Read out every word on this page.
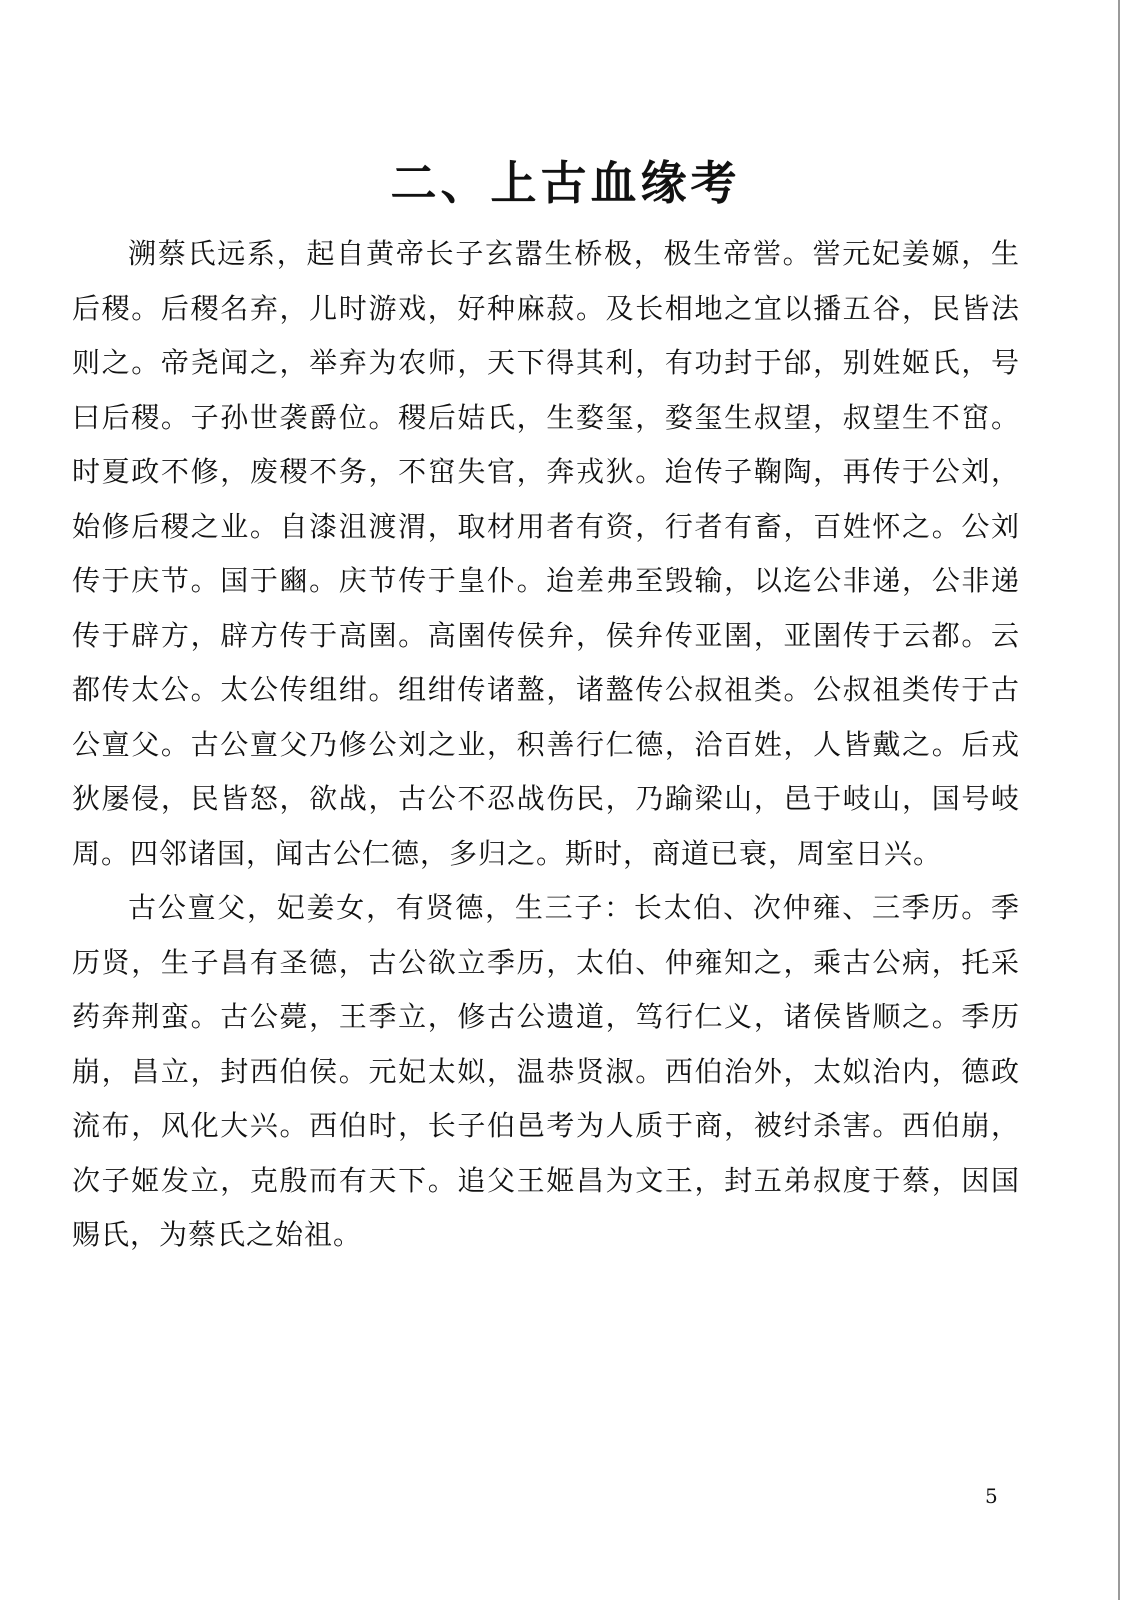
二、上古血缘考

溯蔡氏远系，起自黄帝长子玄嚣生桥极，极生帝喾。喾元妃姜嫄，生后稷。后稷名弃，儿时游戏，好种麻菽。及长相地之宜以播五谷，民皆法则之。帝尧闻之，举弃为农师，天下得其利，有功封于邰，别姓姬氏，号曰后稷。子孙世袭爵位。稷后姞氏，生婺玺，婺玺生叔望，叔望生不窋。时夏政不修，废稷不务，不窋失官，奔戎狄。迨传子鞠陶，再传于公刘，始修后稷之业。自漆沮渡渭，取材用者有资，行者有畜，百姓怀之。公刘传于庆节。国于豳。庆节传于皇仆。迨差弗至毁输，以迄公非递，公非递传于辟方，辟方传于高圉。高圉传侯弁，侯弁传亚圉，亚圉传于云都。云都传太公。太公传组绀。组绀传诸盩，诸盩传公叔祖类。公叔祖类传于古公亶父。古公亶父乃修公刘之业，积善行仁德，洽百姓，人皆戴之。后戎狄屡侵，民皆怒，欲战，古公不忍战伤民，乃踰梁山，邑于岐山，国号岐周。四邻诸国，闻古公仁德，多归之。斯时，商道已衰，周室日兴。

古公亶父，妃姜女，有贤德，生三子：长太伯、次仲雍、三季历。季历贤，生子昌有圣德，古公欲立季历，太伯、仲雍知之，乘古公病，托采药奔荆蛮。古公薨，王季立，修古公遗道，笃行仁义，诸侯皆顺之。季历崩，昌立，封西伯侯。元妃太姒，温恭贤淑。西伯治外，太姒治内，德政流布，风化大兴。西伯时，长子伯邑考为人质于商，被纣杀害。西伯崩，次子姬发立，克殷而有天下。追父王姬昌为文王，封五弟叔度于蔡，因国赐氏，为蔡氏之始祖。

5
